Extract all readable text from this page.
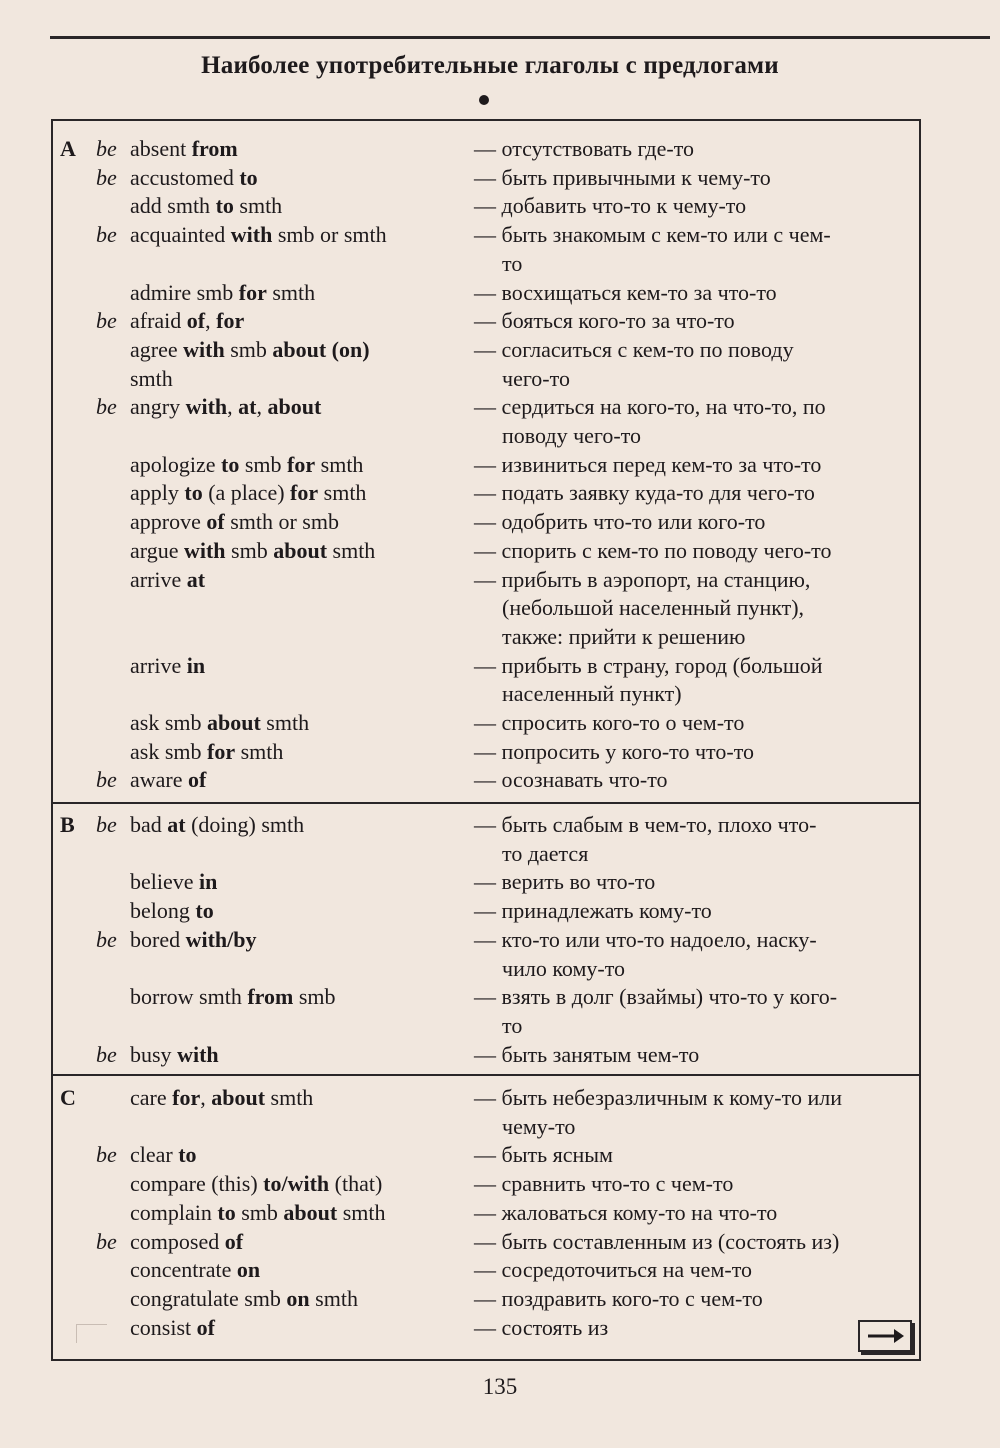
Наиболее употребительные глаголы с предлогами
A be absent from	— отсутствовать где-то
be accustomed to	— быть привычными к чему-то
add smth to smth	— добавить что-то к чему-то
be acquainted with smb or smth	— быть знакомым с кем-то или с чем-
то
admire smb for smth	— восхищаться кем-то за что-то
be afraid of, for	— бояться кого-то за что-то
agree with smb about (on)	— согласиться с кем-то по поводу
smth	чего-то
be angry with, at, about	— сердиться на кого-то, на что-то, по
поводу чего-то
apologize to smb for smth	— извиниться перед кем-то за что-то
apply to (a place) for smth	— подать заявку куда-то для чего-то
approve of smth or smb	— одобрить что-то или кого-то
argue with smb about smth	— спорить с кем-то по поводу чего-то
arrive at	— прибыть в аэропорт, на станцию,
(небольшой населенный пункт),
также: прийти к решению
arrive in	— прибыть в страну, город (большой
населенный пункт)
ask smb about smth	— спросить кого-то о чем-то
ask smb for smth	— попросить у кого-то что-то
be aware of	— осознавать что-то
B be bad at (doing) smth	— быть слабым в чем-то, плохо что-
то дается
believe in	— верить во что-то
belong to	— принадлежать кому-то
be bored with/by	— кто-то или что-то надоело, наску-
чило кому-то
borrow smth from smb	— взять в долг (взаймы) что-то у кого-
то
be busy with	— быть занятым чем-то
C care for, about smth	— быть небезразличным к кому-то или
чему-то
be clear to	— быть ясным
compare (this) to/with (that)	— сравнить что-то с чем-то
complain to smb about smth	— жаловаться кому-то на что-то
be composed of	— быть составленным из (состоять из)
concentrate on	— сосредоточиться на чем-то
congratulate smb on smth	— поздравить кого-то с чем-то
consist of	— состоять из
135
